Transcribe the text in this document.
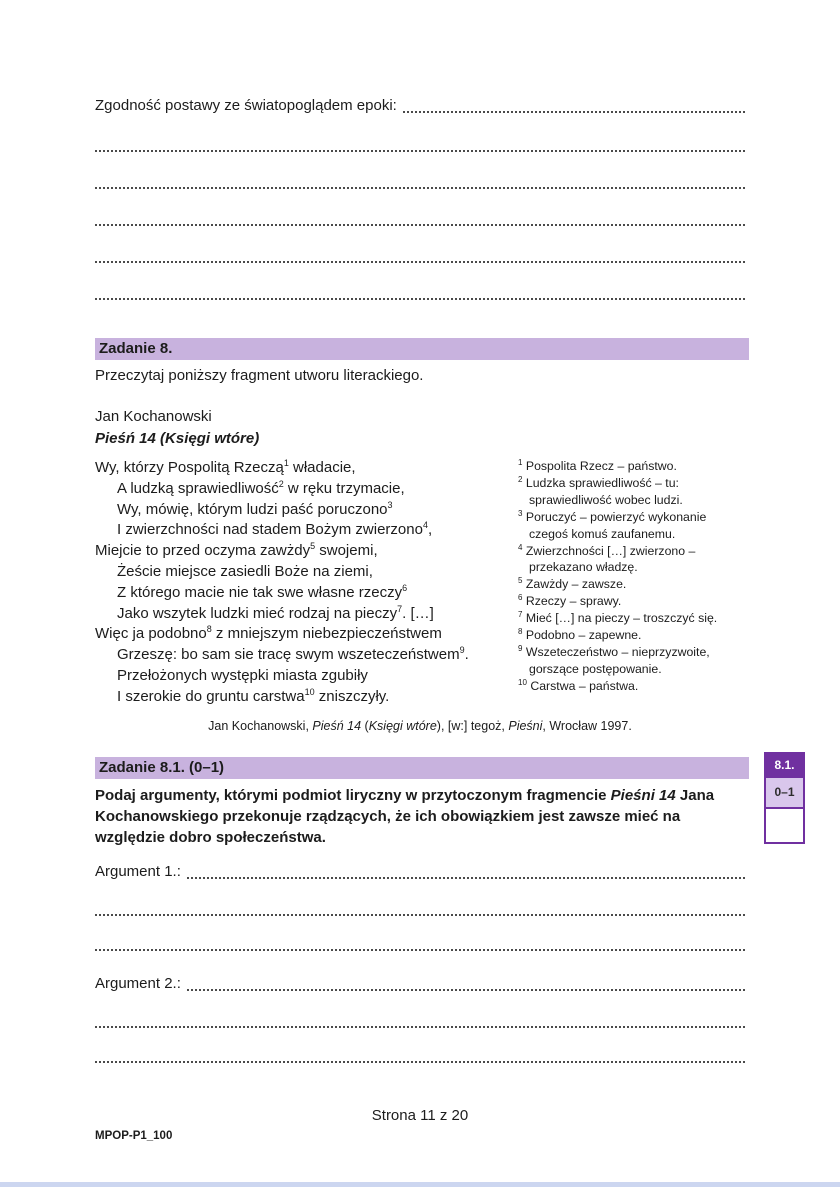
Zgodność postawy ze światopoglądem epoki:
Zadanie 8.
Przeczytaj poniższy fragment utworu literackiego.
Jan Kochanowski
Pieśń 14 (Księgi wtóre)
Wy, którzy Pospolitą Rzeczą$^1$ władacie,
A ludzką sprawiedliwość$^2$ w ręku trzymacie,
Wy, mówię, którym ludzi paść poruczono$^3$
I zwierzchności nad stadem Bożym zwierzono$^4$,
Miejcie to przed oczyma zawżdy$^5$ swojemi,
Żeście miejsce zasiedli Boże na ziemi,
Z którego macie nie tak swe własne rzeczy$^6$
Jako wszytek ludzki mieć rodzaj na pieczy$^7$. […]
Więc ja podobno$^8$ z mniejszym niebezpieczeństwem
Grzeszę: bo sam sie tracę swym wszeteczeństwem$^9$.
Przełożonych występki miasta zgubiły
I szerokie do gruntu carstwa$^{10}$ zniszczyły.
$^1$ Pospolita Rzecz – państwo.
$^2$ Ludzka sprawiedliwość – tu: sprawiedliwość wobec ludzi.
$^3$ Poruczyć – powierzyć wykonanie czegoś komuś zaufanemu.
$^4$ Zwierzchności […] zwierzono – przekazano władzę.
$^5$ Zawżdy – zawsze.
$^6$ Rzeczy – sprawy.
$^7$ Mieć […] na pieczy – troszczyć się.
$^8$ Podobno – zapewne.
$^9$ Wszeteczeństwo – nieprzyzwoite, gorszące postępowanie.
$^{10}$ Carstwa – państwa.
Jan Kochanowski, Pieśń 14 (Księgi wtóre), [w:] tegoż, Pieśni, Wrocław 1997.
Zadanie 8.1. (0–1)
Podaj argumenty, którymi podmiot liryczny w przytoczonym fragmencie Pieśni 14 Jana Kochanowskiego przekonuje rządzących, że ich obowiązkiem jest zawsze mieć na względzie dobro społeczeństwa.
8.1.
0–1
Argument 1.:
Argument 2.:
Strona 11 z 20
MPOP-P1_100
